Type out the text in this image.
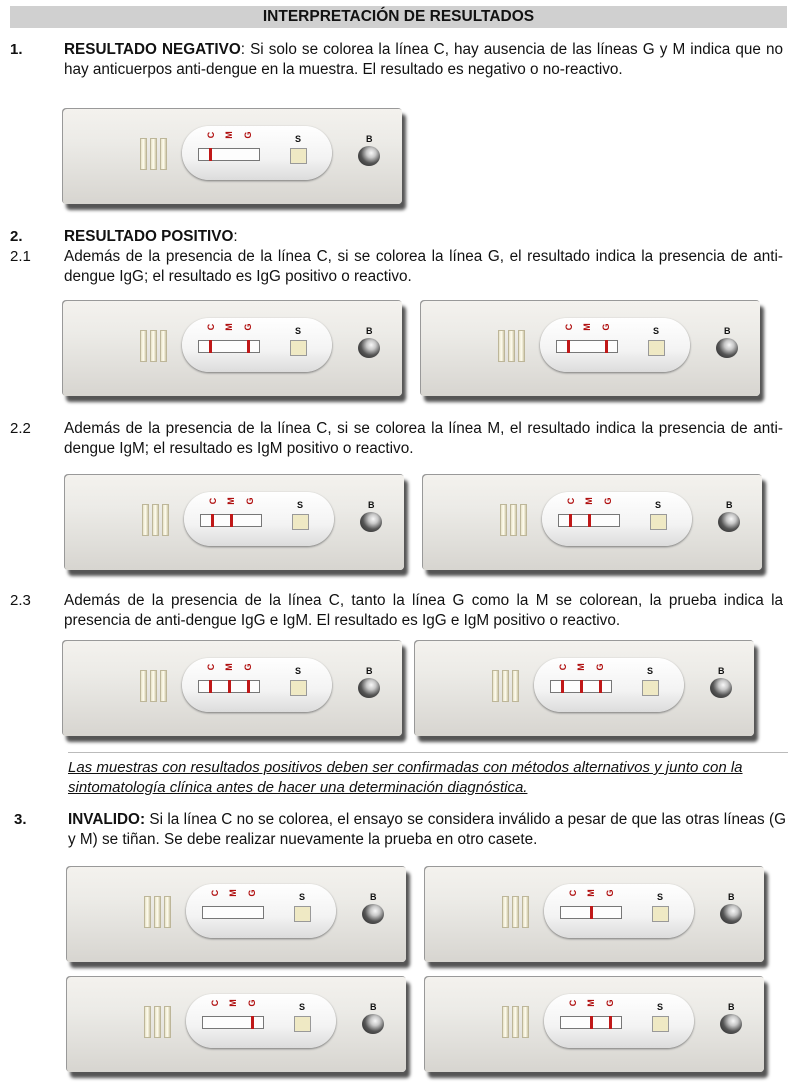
INTERPRETACIÓN DE RESULTADOS
1.	RESULTADO NEGATIVO: Si solo se colorea la línea C, hay ausencia de las líneas G y M indica que no hay anticuerpos anti-dengue en la muestra. El resultado es negativo o no-reactivo.
2.	RESULTADO POSITIVO:
2.1 Además de la presencia de la línea C, si se colorea la línea G, el resultado indica la presencia de anti-dengue IgG; el resultado es IgG positivo o reactivo.
2.2 Además de la presencia de la línea C, si se colorea la línea M, el resultado indica la presencia de anti-dengue IgM; el resultado es IgM positivo o reactivo.
2.3 Además de la presencia de la línea C, tanto la línea G como la M se colorean, la prueba indica la presencia de anti-dengue IgG e IgM. El resultado es IgG e IgM positivo o reactivo.
Las muestras con resultados positivos deben ser confirmadas con métodos alternativos y junto con la sintomatología clínica antes de hacer una determinación diagnóstica.
3.	INVALIDO: Si la línea C no se colorea, el ensayo se considera inválido a pesar de que las otras líneas (G y M) se tiñan. Se debe realizar nuevamente la prueba en otro casete.
C M G	S	B
C M G	S	B	C M G	S	B
C M G	S	B	C M G	S	B
C M G	S	B	C M G	S	B
C M G	S	B	C M G	S	B
C M G	S	B	C M G	S	B
